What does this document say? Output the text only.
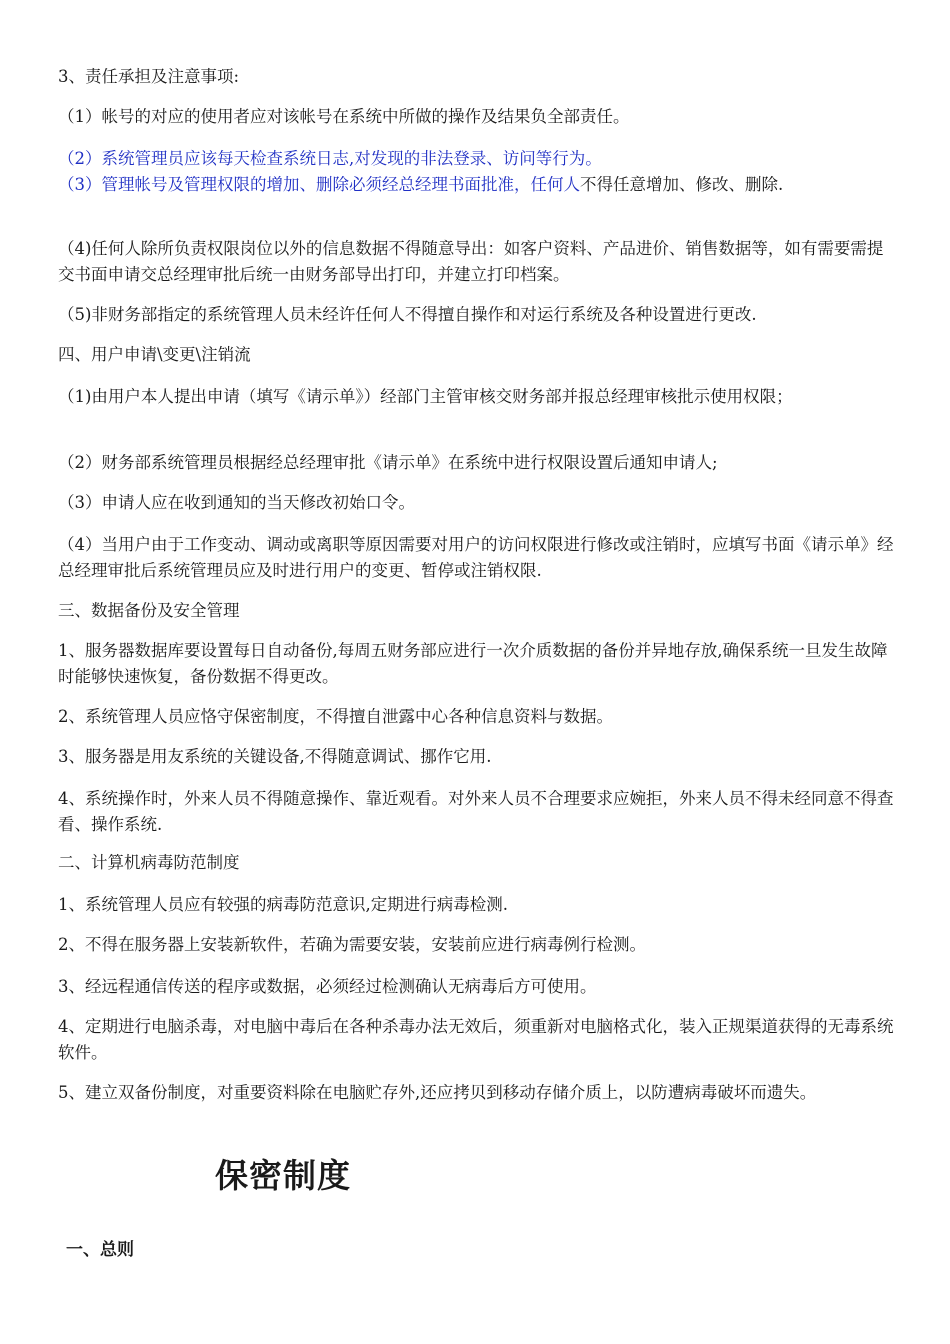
3、责任承担及注意事项:

（1）帐号的对应的使用者应对该帐号在系统中所做的操作及结果负全部责任。

（2）系统管理员应该每天检查系统日志,对发现的非法登录、访问等行为。

（3）管理帐号及管理权限的增加、删除必须经总经理书面批准，任何人不得任意增加、修改、删除.

（4)任何人除所负责权限岗位以外的信息数据不得随意导出：如客户资料、产品进价、销售数据等，如有需要需提交书面申请交总经理审批后统一由财务部导出打印，并建立打印档案。

（5)非财务部指定的系统管理人员未经许任何人不得擅自操作和对运行系统及各种设置进行更改.

四、用户申请\变更\注销流

（1)由用户本人提出申请（填写《请示单》）经部门主管审核交财务部并报总经理审核批示使用权限；

（2）财务部系统管理员根据经总经理审批《请示单》在系统中进行权限设置后通知申请人;

（3）申请人应在收到通知的当天修改初始口令。

（4）当用户由于工作变动、调动或离职等原因需要对用户的访问权限进行修改或注销时，应填写书面《请示单》经总经理审批后系统管理员应及时进行用户的变更、暂停或注销权限.

三、数据备份及安全管理

1、服务器数据库要设置每日自动备份,每周五财务部应进行一次介质数据的备份并异地存放,确保系统一旦发生故障时能够快速恢复，备份数据不得更改。

2、系统管理人员应恪守保密制度，不得擅自泄露中心各种信息资料与数据。

3、服务器是用友系统的关键设备,不得随意调试、挪作它用.

4、系统操作时，外来人员不得随意操作、靠近观看。对外来人员不合理要求应婉拒，外来人员不得未经同意不得查看、操作系统.

二、计算机病毒防范制度

1、系统管理人员应有较强的病毒防范意识,定期进行病毒检测.

2、不得在服务器上安装新软件，若确为需要安装，安装前应进行病毒例行检测。

3、经远程通信传送的程序或数据，必须经过检测确认无病毒后方可使用。

4、定期进行电脑杀毒，对电脑中毒后在各种杀毒办法无效后，须重新对电脑格式化，装入正规渠道获得的无毒系统软件。

5、建立双备份制度，对重要资料除在电脑贮存外,还应拷贝到移动存储介质上，以防遭病毒破坏而遗失。

保密制度
一、总则
